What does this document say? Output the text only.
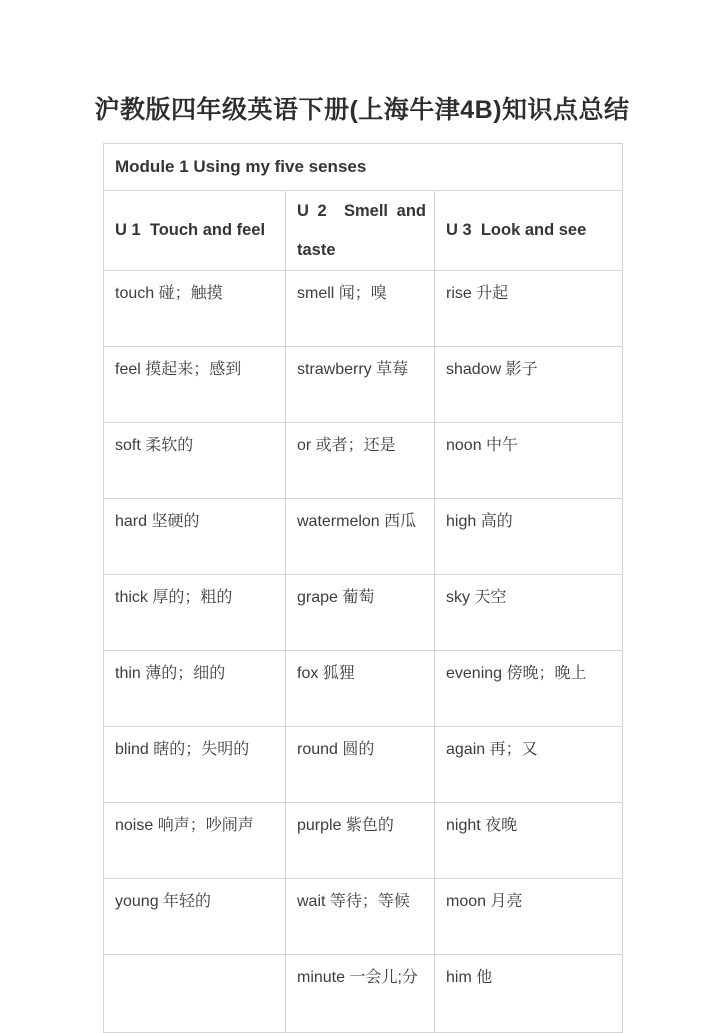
沪教版四年级英语下册(上海牛津4B)知识点总结
Module 1 Using my five senses		
U 1  Touch and feel	U 2  Smell and taste	U 3  Look and see
touch 碰；触摸	smell 闻；嗅	rise 升起
feel 摸起来；感到	strawberry 草莓	shadow 影子
soft 柔软的	or 或者；还是	noon 中午
hard 坚硬的	watermelon 西瓜	high 高的
thick 厚的；粗的	grape 葡萄	sky 天空
thin 薄的；细的	fox 狐狸	evening 傍晚；晚上
blind 瞎的；失明的	round 圆的	again 再；又
noise 响声；吵闹声	purple 紫色的	night 夜晚
young 年轻的	wait 等待；等候	moon 月亮
	minute 一会儿;分	him 他
